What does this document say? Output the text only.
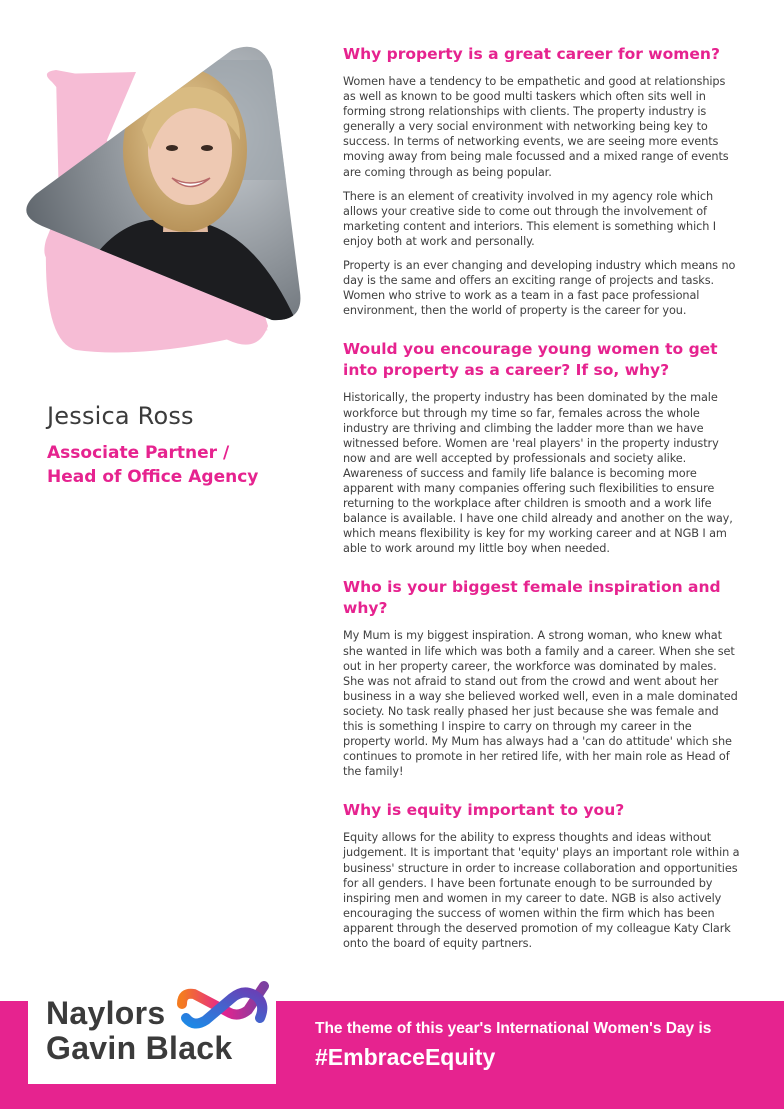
Jessica Ross
Associate Partner /
Head of Office Agency
Why property is a great career for women?

Women have a tendency to be empathetic and good at relationships as well as known to be good multi taskers which often sits well in forming strong relationships with clients. The property industry is generally a very social environment with networking being key to success. In terms of networking events, we are seeing more events moving away from being male focussed and a mixed range of events are coming through as being popular.

There is an element of creativity involved in my agency role which allows your creative side to come out through the involvement of marketing content and interiors. This element is something which I enjoy both at work and personally.

Property is an ever changing and developing industry which means no day is the same and offers an exciting range of projects and tasks. Women who strive to work as a team in a fast pace professional environment, then the world of property is the career for you.

Would you encourage young women to get into property as a career? If so, why?

Historically, the property industry has been dominated by the male workforce but through my time so far, females across the whole industry are thriving and climbing the ladder more than we have witnessed before. Women are 'real players' in the property industry now and are well accepted by professionals and society alike. Awareness of success and family life balance is becoming more apparent with many companies offering such flexibilities to ensure returning to the workplace after children is smooth and a work life balance is available. I have one child already and another on the way, which means flexibility is key for my working career and at NGB I am able to work around my little boy when needed.

Who is your biggest female inspiration and why?

My Mum is my biggest inspiration. A strong woman, who knew what she wanted in life which was both a family and a career. When she set out in her property career, the workforce was dominated by males. She was not afraid to stand out from the crowd and went about her business in a way she believed worked well, even in a male dominated society. No task really phased her just because she was female and this is something I inspire to carry on through my career in the property world. My Mum has always had a 'can do attitude' which she continues to promote in her retired life, with her main role as Head of the family!

Why is equity important to you?

Equity allows for the ability to express thoughts and ideas without judgement. It is important that 'equity' plays an important role within a business' structure in order to increase collaboration and opportunities for all genders. I have been fortunate enough to be surrounded by inspiring men and women in my career to date. NGB is also actively encouraging the success of women within the firm which has been apparent through the deserved promotion of my colleague Katy Clark onto the board of equity partners.

Naylors
Gavin Black
The theme of this year's International Women's Day is
#EmbraceEquity
